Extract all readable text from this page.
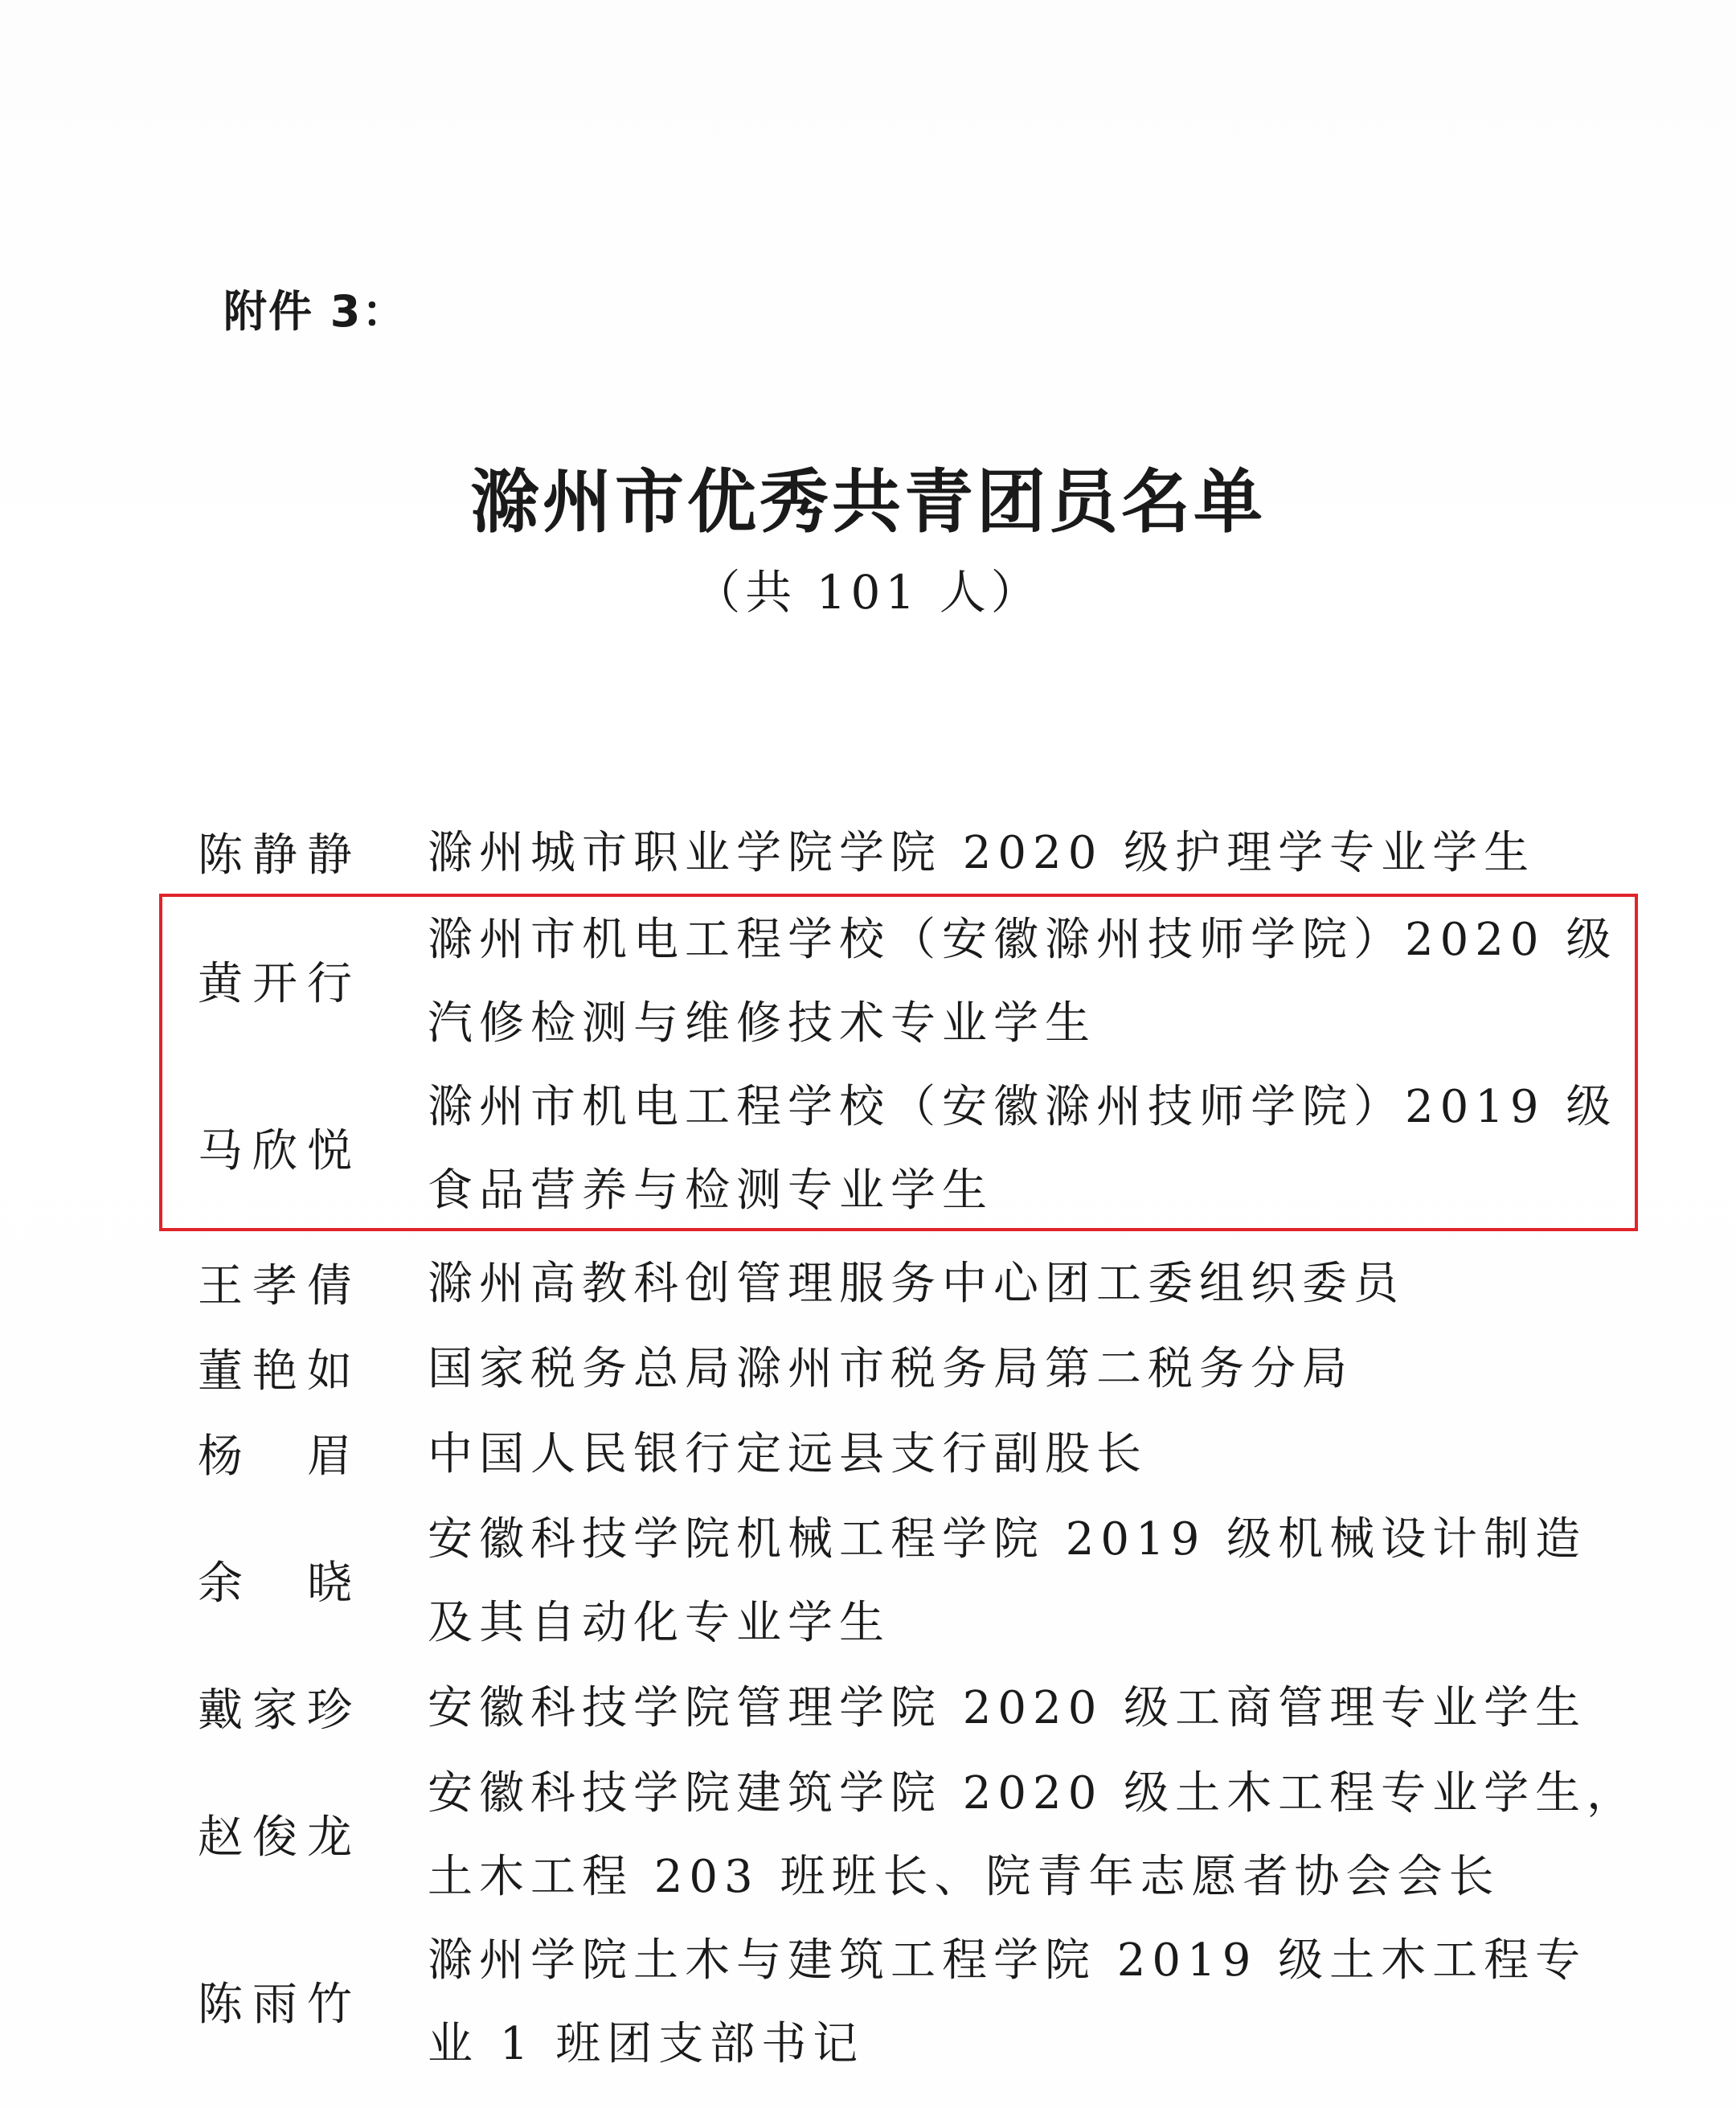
附件 3：
滁州市优秀共青团员名单
（共 101 人）
陈静静 滁州城市职业学院学院 2020 级护理学专业学生
黄开行
滁州市机电工程学校（安徽滁州技师学院）2020 级
汽修检测与维修技术专业学生
马欣悦
滁州市机电工程学校（安徽滁州技师学院）2019 级
食品营养与检测专业学生
王孝倩 滁州高教科创管理服务中心团工委组织委员
董艳如 国家税务总局滁州市税务局第二税务分局
杨　眉 中国人民银行定远县支行副股长
余　晓
安徽科技学院机械工程学院 2019 级机械设计制造
及其自动化专业学生
戴家珍 安徽科技学院管理学院 2020 级工商管理专业学生
赵俊龙
安徽科技学院建筑学院 2020 级土木工程专业学生，
土木工程 203 班班长、院青年志愿者协会会长
陈雨竹
滁州学院土木与建筑工程学院 2019 级土木工程专
业 1 班团支部书记
